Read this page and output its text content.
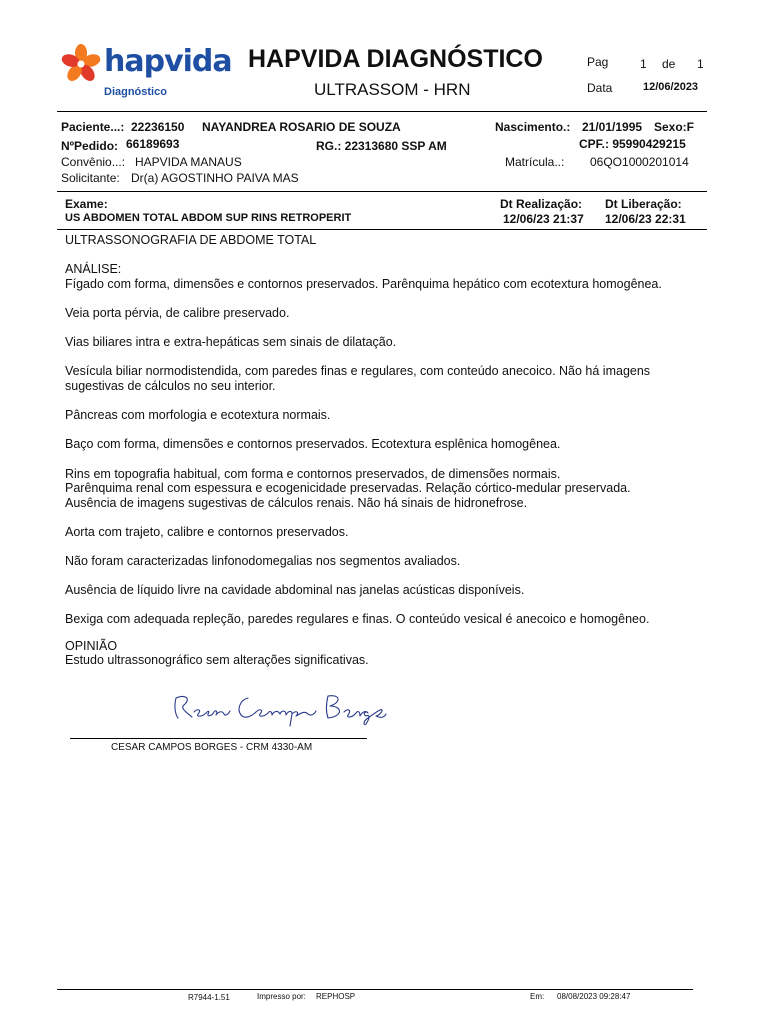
hapvida
Diagnóstico
HAPVIDA DIAGNÓSTICO
ULTRASSOM - HRN
Pag	1 de 1
Data	12/06/2023
Paciente...: 22236150 NAYANDREA ROSARIO DE SOUZA	Nascimento.: 21/01/1995 Sexo:F
NºPedido: 66189693	RG.: 22313680 SSP AM	CPF.: 95990429215
Convênio...: HAPVIDA MANAUS	Matrícula..: 06QO1000201014
Solicitante: Dr(a) AGOSTINHO PAIVA MAS
Exame:
US ABDOMEN TOTAL ABDOM SUP RINS RETROPERIT
Dt Realização:
12/06/23 21:37
Dt Liberação:
12/06/23 22:31

ULTRASSONOGRAFIA DE ABDOME TOTAL

ANÁLISE:

Fígado com forma, dimensões e contornos preservados. Parênquima hepático com ecotextura homogênea.

Veia porta pérvia, de calibre preservado.

Vias biliares intra e extra-hepáticas sem sinais de dilatação.

Vesícula biliar normodistendida, com paredes finas e regulares, com conteúdo anecoico. Não há imagens
sugestivas de cálculos no seu interior.

Pâncreas com morfologia e ecotextura normais.

Baço com forma, dimensões e contornos preservados. Ecotextura esplênica homogênea.

Rins em topografia habitual, com forma e contornos preservados, de dimensões normais.
Parênquima renal com espessura e ecogenicidade preservadas. Relação córtico-medular preservada.
Ausência de imagens sugestivas de cálculos renais. Não há sinais de hidronefrose.

Aorta com trajeto, calibre e contornos preservados.

Não foram caracterizadas linfonodomegalias nos segmentos avaliados.

Ausência de líquido livre na cavidade abdominal nas janelas acústicas disponíveis.

Bexiga com adequada repleção, paredes regulares e finas. O conteúdo vesical é anecoico e homogêneo.

OPINIÃO
Estudo ultrassonográfico sem alterações significativas.
CESAR CAMPOS BORGES - CRM 4330-AM
R7944-1.51	Impresso por: REPHOSP	Em: 08/08/2023 09:28:47
